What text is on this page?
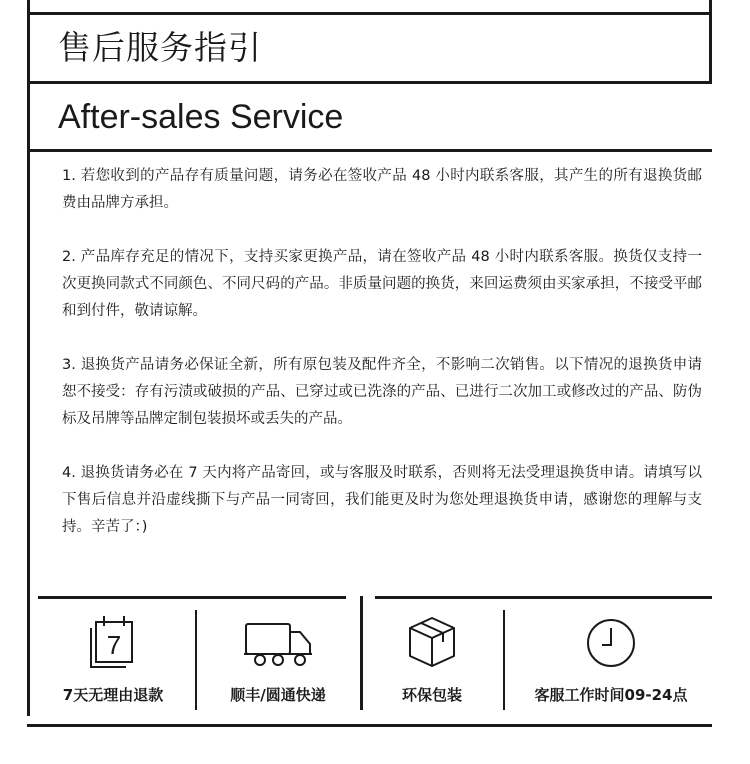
售后服务指引
After-sales Service

1. 若您收到的产品存有质量问题，请务必在签收产品 48 小时内联系客服，其产生的所有退换货邮费由品牌方承担。

2. 产品库存充足的情况下，支持买家更换产品，请在签收产品 48 小时内联系客服。换货仅支持一次更换同款式不同颜色、不同尺码的产品。非质量问题的换货，来回运费须由买家承担，不接受平邮和到付件，敬请谅解。

3. 退换货产品请务必保证全新，所有原包装及配件齐全，不影响二次销售。以下情况的退换货申请恕不接受：存有污渍或破损的产品、已穿过或已洗涤的产品、已进行二次加工或修改过的产品、防伪标及吊牌等品牌定制包装损坏或丢失的产品。

4. 退换货请务必在 7 天内将产品寄回，或与客服及时联系，否则将无法受理退换货申请。请填写以下售后信息并沿虚线撕下与产品一同寄回，我们能更及时为您处理退换货申请，感谢您的理解与支持。辛苦了：)

7
7天无理由退款	顺丰/圆通快递	环保包装	客服工作时间09-24点
